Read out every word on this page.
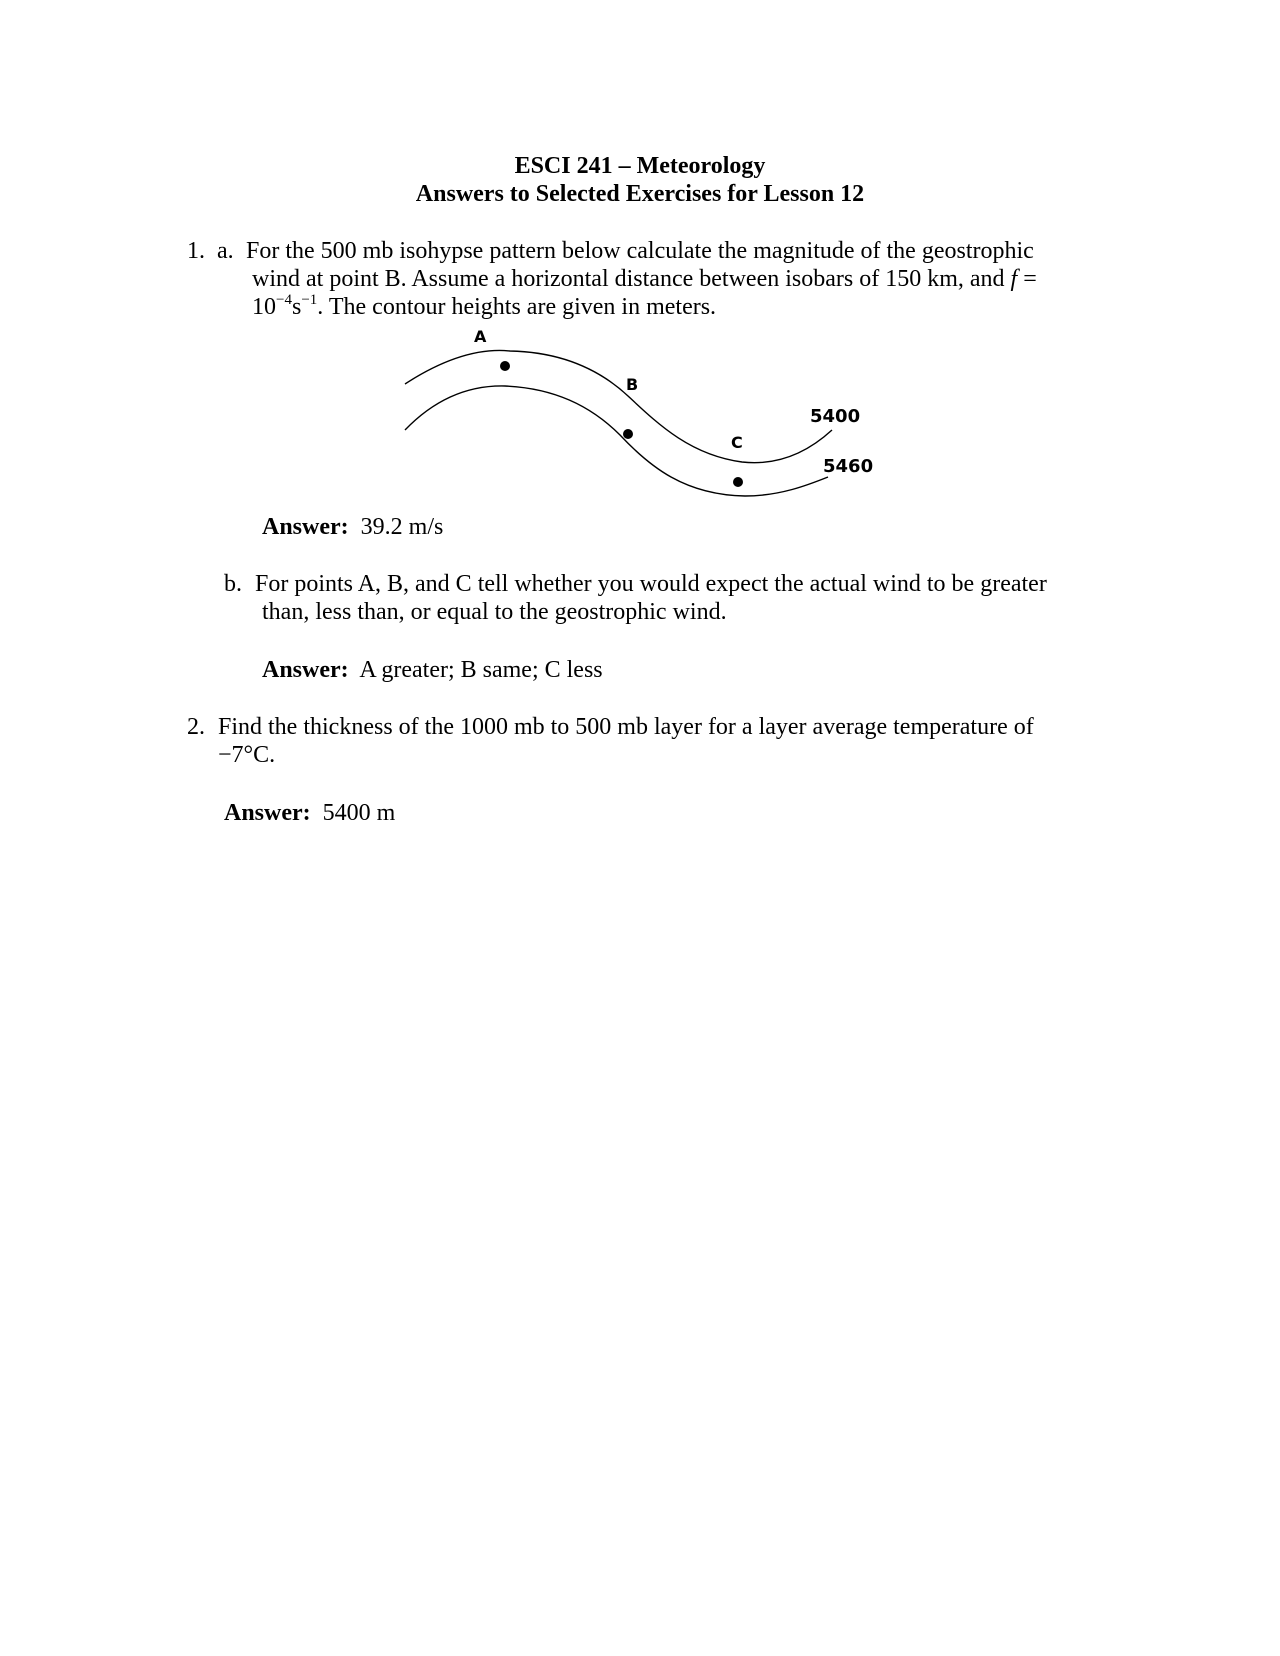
ESCI 241 – Meteorology
Answers to Selected Exercises for Lesson 12
1. a. For the 500 mb isohypse pattern below calculate the magnitude of the geostrophic
wind at point B. Assume a horizontal distance between isobars of 150 km, and f =
$10^{-4}s^{-1}$. The contour heights are given in meters.
A
B
C
5400
5460
Answer: 39.2 m/s
b. For points A, B, and C tell whether you would expect the actual wind to be greater
than, less than, or equal to the geostrophic wind.
Answer: A greater; B same; C less
2. Find the thickness of the 1000 mb to 500 mb layer for a layer average temperature of
−7°C.
Answer: 5400 m
